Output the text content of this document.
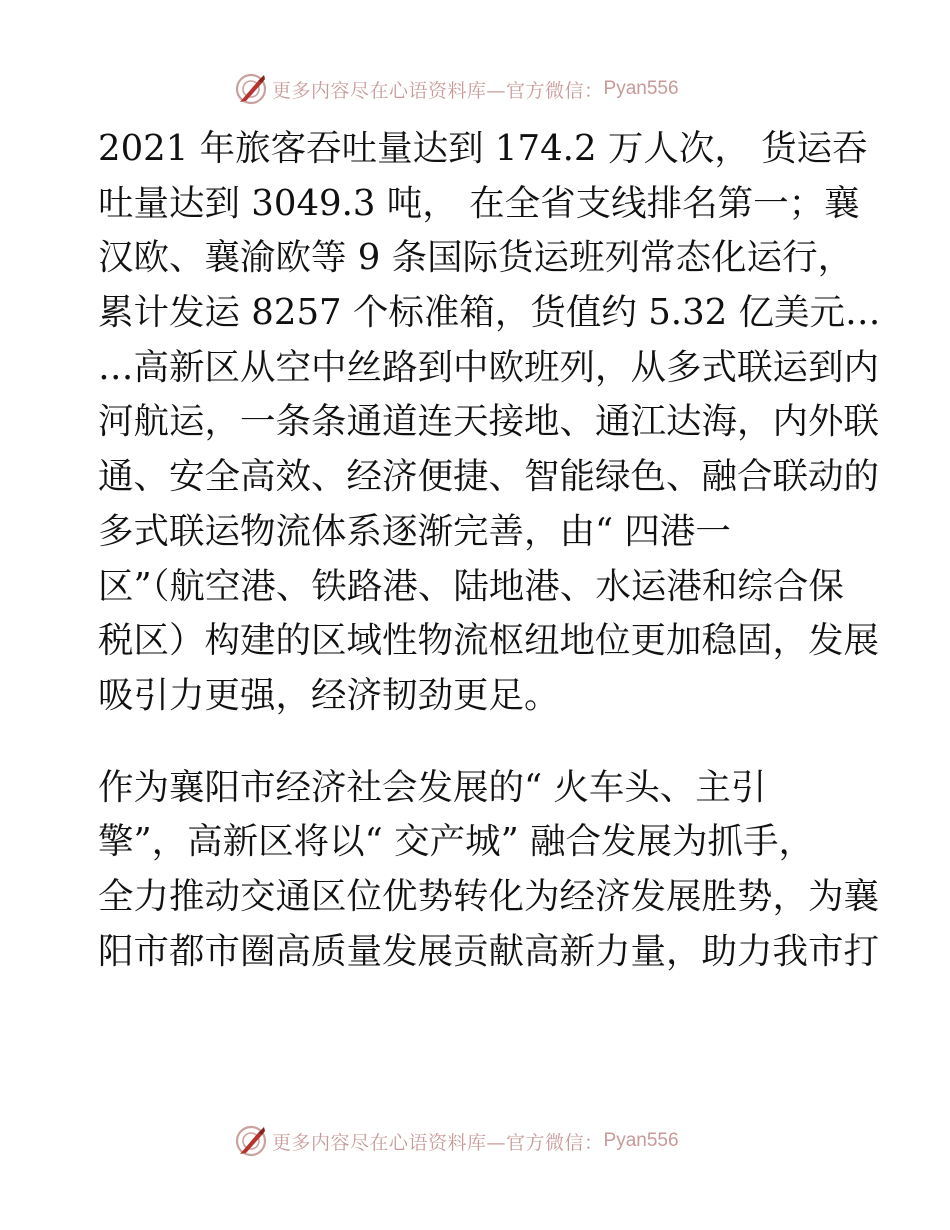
更多内容尽在心语资料库—官方微信： Pyan556
2021 年旅客吞吐量达到 174.2 万人次， 货运吞
吐量达到 3049.3 吨， 在全省支线排名第一；襄
汉欧、襄渝欧等 9 条国际货运班列常态化运行，
累计发运 8257 个标准箱，货值约 5.32 亿美元…
…高新区从空中丝路到中欧班列，从多式联运到内
河航运，一条条通道连天接地、通江达海，内外联
通、安全高效、经济便捷、智能绿色、融合联动的
多式联运物流体系逐渐完善，由“ 四港一
区”（航空港、铁路港、陆地港、水运港和综合保
税区）构建的区域性物流枢纽地位更加稳固，发展
吸引力更强，经济韧劲更足。
作为襄阳市经济社会发展的“ 火车头、主引
擎”，高新区将以“ 交产城” 融合发展为抓手，
全力推动交通区位优势转化为经济发展胜势，为襄
阳市都市圈高质量发展贡献高新力量，助力我市打
更多内容尽在心语资料库—官方微信： Pyan556
